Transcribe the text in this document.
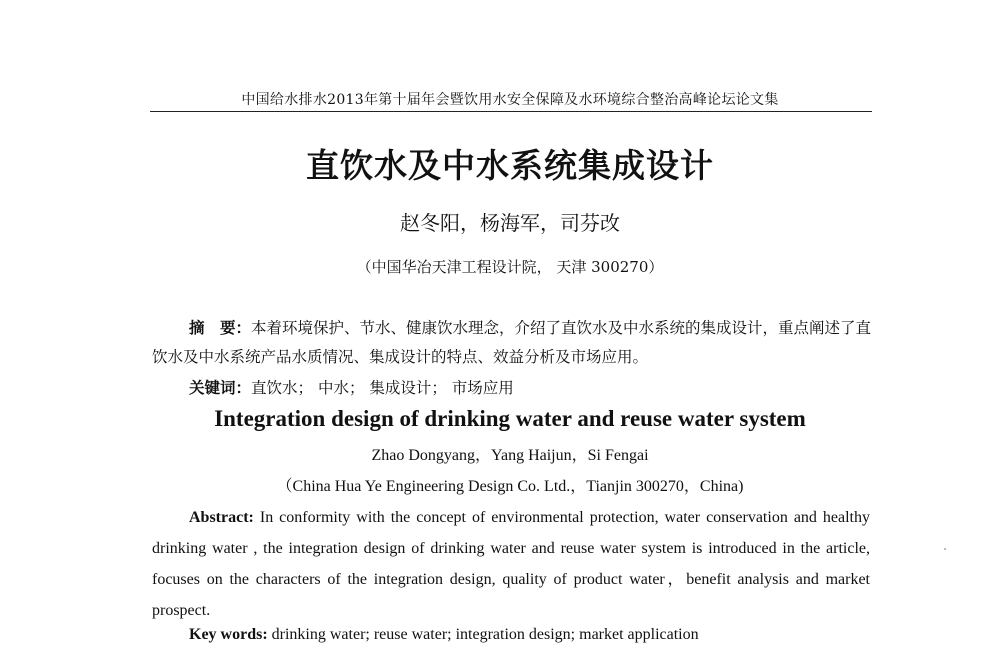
中国给水排水2013年第十届年会暨饮用水安全保障及水环境综合整治高峰论坛论文集
直饮水及中水系统集成设计
赵冬阳，杨海军，司芬改
（中国华冶天津工程设计院， 天津 300270）
摘　要：本着环境保护、节水、健康饮水理念，介绍了直饮水及中水系统的集成设计，重点阐述了直饮水及中水系统产品水质情况、集成设计的特点、效益分析及市场应用。
关键词：直饮水； 中水； 集成设计； 市场应用
Integration design of drinking water and reuse water system
Zhao Dongyang，Yang Haijun，Si Fengai
（China Hua Ye Engineering Design Co. Ltd.，Tianjin 300270，China)
Abstract: In conformity with the concept of environmental protection, water conservation and healthy drinking water , the integration design of drinking water and reuse water system is introduced in the article, focuses on the characters of the integration design, quality of product water，benefit analysis and market prospect.
Key words: drinking water; reuse water; integration design; market application
